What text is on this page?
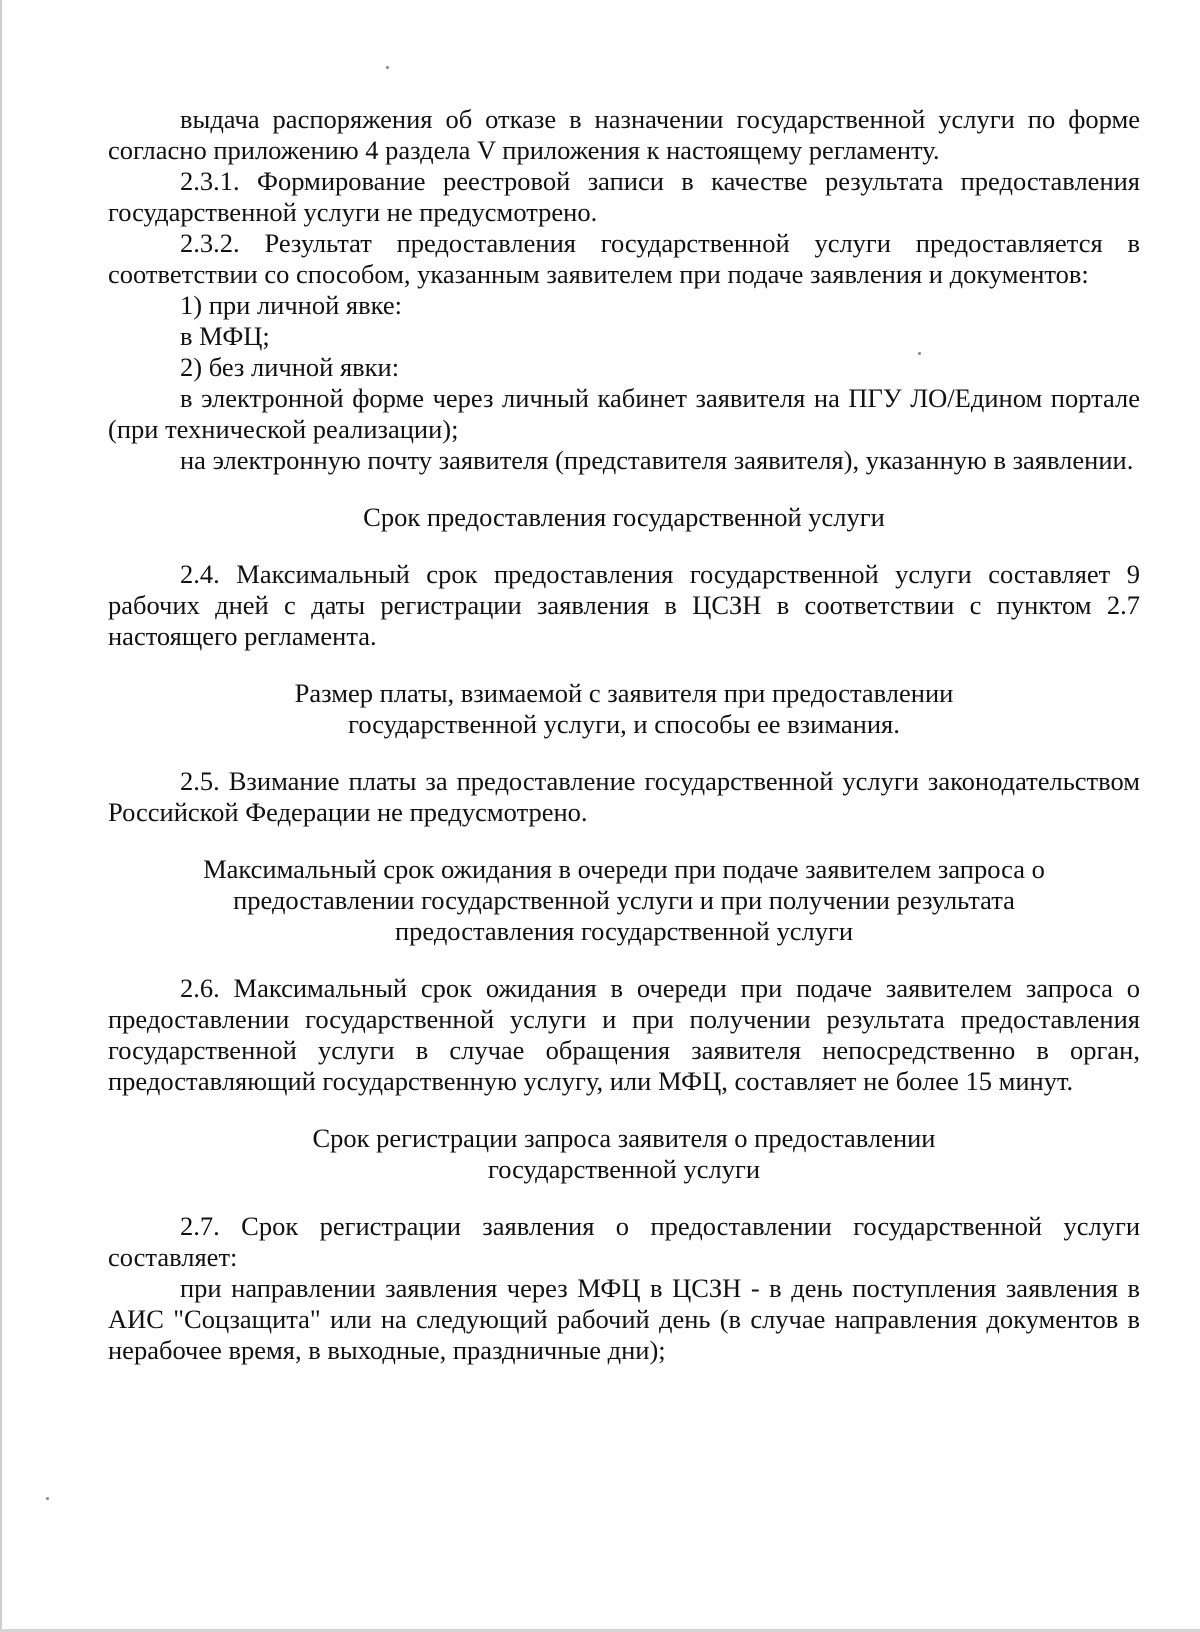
выдача распоряжения об отказе в назначении государственной услуги по форме согласно приложению 4 раздела V приложения к настоящему регламенту.

2.3.1. Формирование реестровой записи в качестве результата предоставления государственной услуги не предусмотрено.

2.3.2. Результат предоставления государственной услуги предоставляется в соответствии со способом, указанным заявителем при подаче заявления и документов:

1) при личной явке:

в МФЦ;

2) без личной явки:

в электронной форме через личный кабинет заявителя на ПГУ ЛО/Едином портале (при технической реализации);

на электронную почту заявителя (представителя заявителя), указанную в заявлении.

Срок предоставления государственной услуги

2.4. Максимальный срок предоставления государственной услуги составляет 9 рабочих дней с даты регистрации заявления в ЦСЗН в соответствии с пунктом 2.7 настоящего регламента.

Размер платы, взимаемой с заявителя при предоставлении

государственной услуги, и способы ее взимания.

2.5. Взимание платы за предоставление государственной услуги законодательством Российской Федерации не предусмотрено.

Максимальный срок ожидания в очереди при подаче заявителем запроса о

предоставлении государственной услуги и при получении результата

предоставления государственной услуги

2.6. Максимальный срок ожидания в очереди при подаче заявителем запроса о предоставлении государственной услуги и при получении результата предоставления государственной услуги в случае обращения заявителя непосредственно в орган, предоставляющий государственную услугу, или МФЦ, составляет не более 15 минут.

Срок регистрации запроса заявителя о предоставлении

государственной услуги

2.7. Срок регистрации заявления о предоставлении государственной услуги составляет:

при направлении заявления через МФЦ в ЦСЗН - в день поступления заявления в АИС "Соцзащита" или на следующий рабочий день (в случае направления документов в нерабочее время, в выходные, праздничные дни);
